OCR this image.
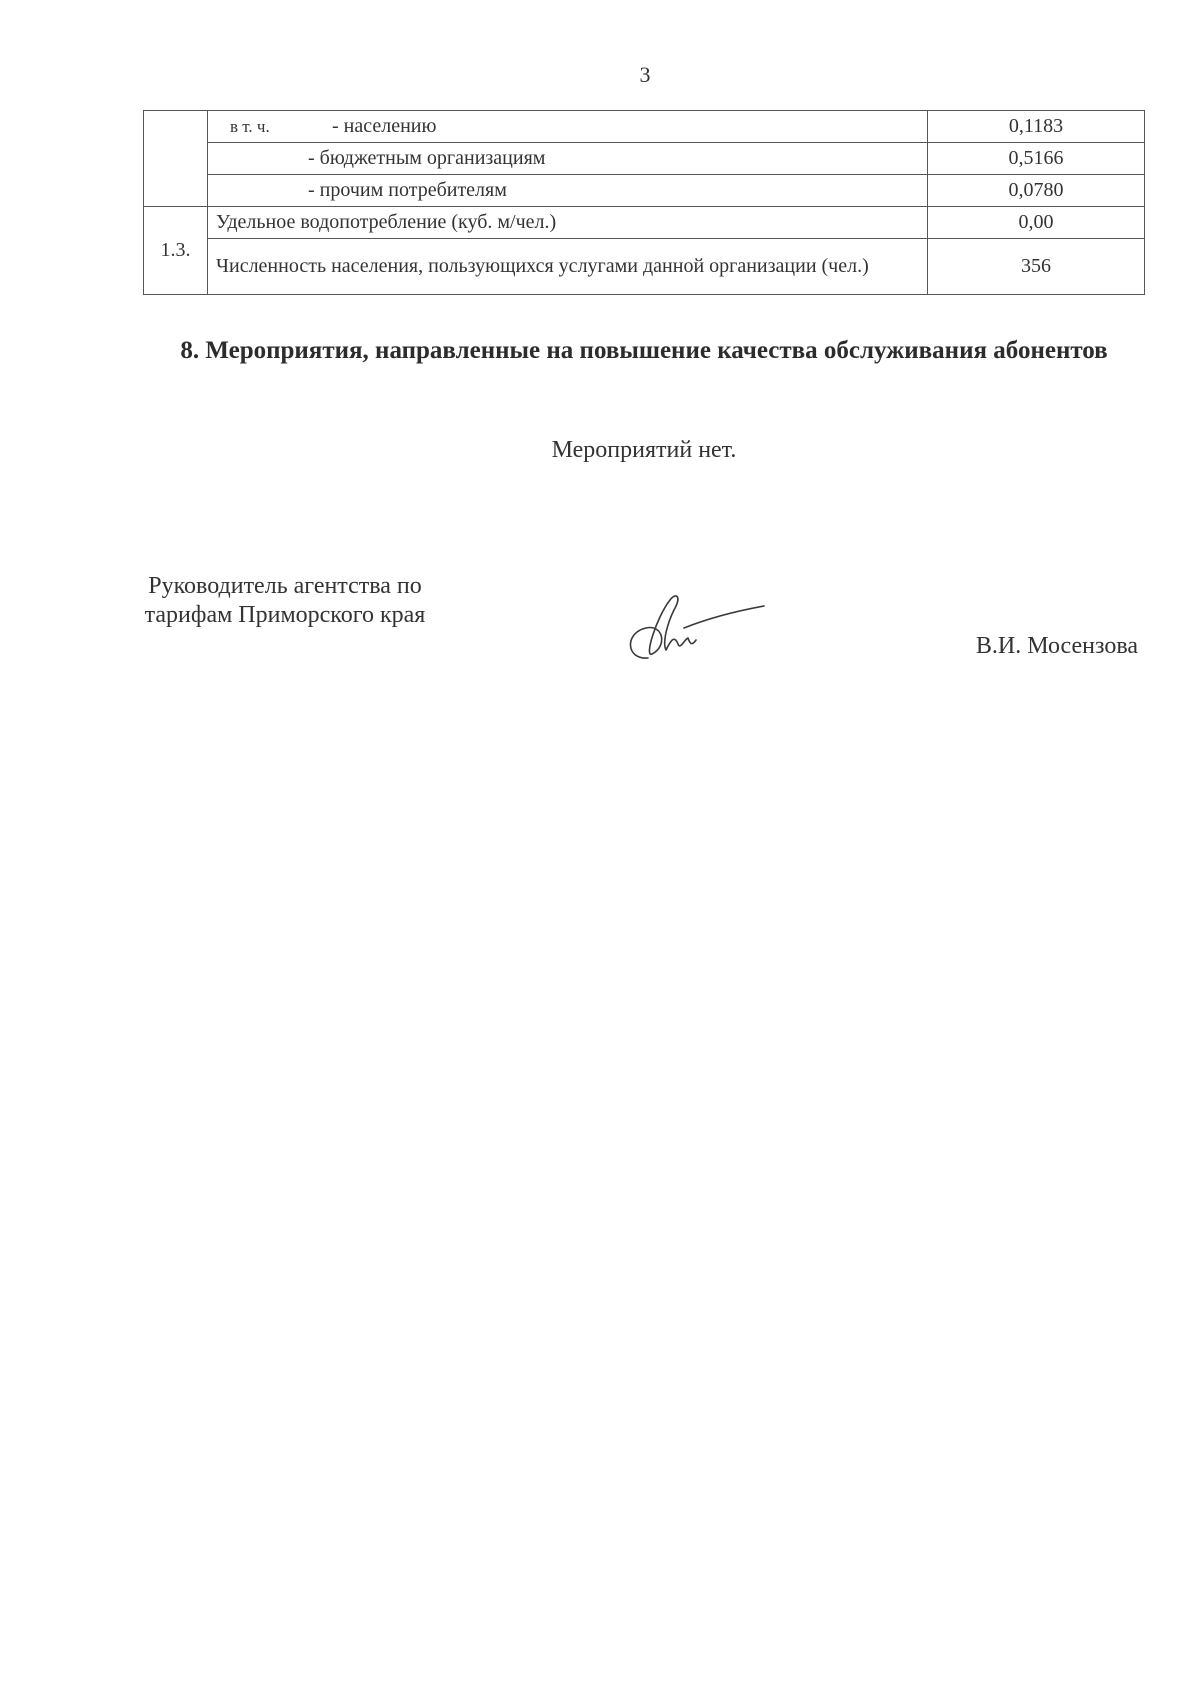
3
	в т. ч. - населению	0,1183
	- бюджетным организациям	0,5166
	- прочим потребителям	0,0780
1.3.	Удельное водопотребление (куб. м/чел.)	0,00
	Численность населения, пользующихся услугами данной организации (чел.)	356
8. Мероприятия, направленные на повышение качества обслуживания абонентов
Мероприятий нет.
Руководитель агентства по тарифам Приморского края
В.И. Мосензова
